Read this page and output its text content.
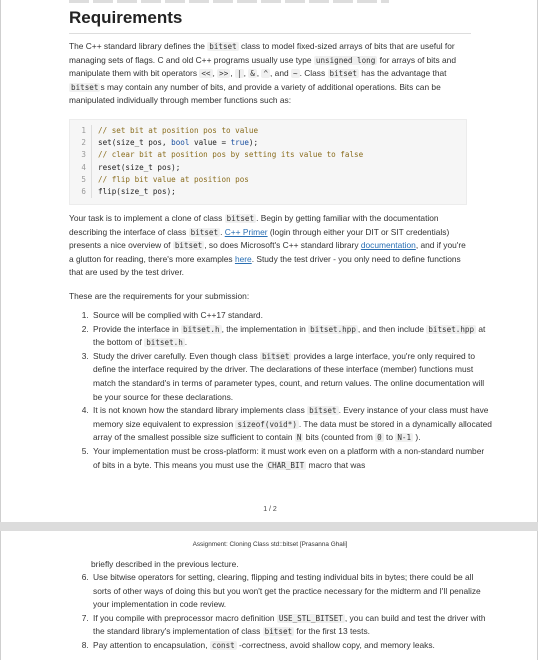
Requirements

The C++ standard library defines the bitset class to model fixed-sized arrays of bits that are useful for managing sets of flags. C and old C++ programs usually use type unsigned long for arrays of bits and manipulate them with bit operators << , >> , | , & , ^ , and ~ . Class bitset has the advantage that bitset s may contain any number of bits, and provide a variety of additional operations. Bits can be manipulated individually through member functions such as:

1	// set bit at position pos to value
2	set(size_t pos, bool value = true );
3	// clear bit at position pos by setting its value to false
4	reset(size_t pos);
5	// flip bit value at position pos
6	flip(size_t pos);

Your task is to implement a clone of class bitset . Begin by getting familiar with the documentation describing the interface of class bitset . C++ Primer (login through either your DIT or SIT credentials) presents a nice overview of bitset , so does Microsoft's C++ standard library documentation, and if you're a glutton for reading, there's more examples here. Study the test driver - you only need to define functions that are used by the test driver.

These are the requirements for your submission:

1. Source will be complied with C++17 standard.
2. Provide the interface in bitset.h , the implementation in bitset.hpp , and then include bitset.hpp at the bottom of bitset.h .
3. Study the driver carefully. Even though class bitset provides a large interface, you're only required to define the interface required by the driver. The declarations of these interface (member) functions must match the standard's in terms of parameter types, count, and return values. The online documentation will be your source for these declarations.
4. It is not known how the standard library implements class bitset . Every instance of your class must have memory size equivalent to expression sizeof(void*) . The data must be stored in a dynamically allocated array of the smallest possible size sufficient to contain N bits (counted from 0 to N-1 ).
5. Your implementation must be cross-platform: it must work even on a platform with a non-standard number of bits in a byte. This means you must use the CHAR_BIT macro that was
1 / 2
Assignment: Cloning Class std::bitset [Prasanna Ghali]

briefly described in the previous lecture.

6. Use bitwise operators for setting, clearing, flipping and testing individual bits in bytes; there could be all sorts of other ways of doing this but you won't get the practice necessary for the midterm and I'll penalize your implementation in code review.
7. If you compile with preprocessor macro definition USE_STL_BITSET , you can build and test the driver with the standard library's implementation of class bitset for the first 13 tests.
8. Pay attention to encapsulation, const -correctness, avoid shallow copy, and memory leaks.
